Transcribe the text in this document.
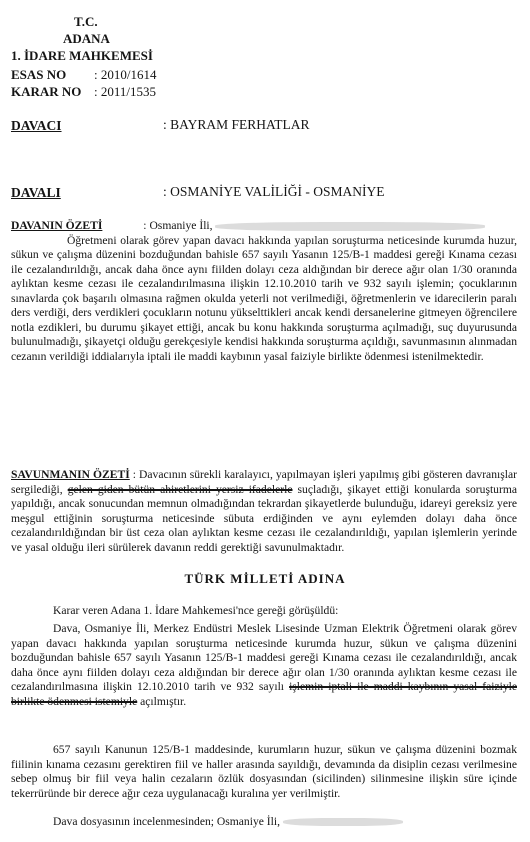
T.C.
ADANA
1. İDARE MAHKEMESİ
ESAS NO : 2010/1614
KARAR NO : 2011/1535
DAVACI	: BAYRAM FERHATLAR
DAVALI	: OSMANİYE VALİLİĞİ - OSMANİYE

DAVANIN ÖZETİ	: Osmaniye İli,
Öğretmeni olarak görev yapan davacı hakkında yapılan soruşturma neticesinde kurumda huzur, sükun ve çalışma düzenini bozduğundan bahisle 657 sayılı Yasanın 125/B-1 maddesi gereği Kınama cezası ile cezalandırıldığı, ancak daha önce aynı fiilden dolayı ceza aldığından bir derece ağır olan 1/30 oranında aylıktan kesme cezası ile cezalandırılmasına ilişkin 12.10.2010 tarih ve 932 sayılı işlemin; çocuklarının sınavlarda çok başarılı olmasına rağmen okulda yeterli not verilmediği, öğretmenlerin ve idarecilerin paralı ders verdiği, ders verdikleri çocukların notunu yükselttikleri ancak kendi dersanelerine gitmeyen öğrencilere notla ezdikleri, bu durumu şikayet ettiği, ancak bu konu hakkında soruşturma açılmadığı, suç duyurusunda bulunulmadığı, şikayetçi olduğu gerekçesiyle kendisi hakkında soruşturma açıldığı, savunmasının alınmadan cezanın verildiği iddialarıyla iptali ile maddi kaybının yasal faiziyle birlikte ödenmesi istenilmektedir.

SAVUNMANIN ÖZETİ : Davacının sürekli karalayıcı, yapılmayan işleri yapılmış gibi gösteren davranışlar sergilediği, gelen giden bütün ahiretlerini yersiz ifadelerle suçladığı, şikayet ettiği konularda soruşturma yapıldığı, ancak sonucundan memnun olmadığından tekrardan şikayetlerde bulunduğu, idareyi gereksiz yere meşgul ettiğinin soruşturma neticesinde sübuta erdiğinden ve aynı eylemden dolayı daha önce cezalandırıldığından bir üst ceza olan aylıktan kesme cezası ile cezalandırıldığı, yapılan işlemlerin yerinde ve yasal olduğu ileri sürülerek davanın reddi gerektiği savunulmaktadır.

TÜRK MİLLETİ ADINA

Karar veren Adana 1. İdare Mahkemesi'nce gereği görüşüldü:

Dava, Osmaniye İli, Merkez Endüstri Meslek Lisesinde Uzman Elektrik Öğretmeni olarak görev yapan davacı hakkında yapılan soruşturma neticesinde kurumda huzur, sükun ve çalışma düzenini bozduğundan bahisle 657 sayılı Yasanın 125/B-1 maddesi gereği Kınama cezası ile cezalandırıldığı, ancak daha önce aynı fiilden dolayı ceza aldığından bir derece ağır olan 1/30 oranında aylıktan kesme cezası ile cezalandırılmasına ilişkin 12.10.2010 tarih ve 932 sayılı işlemin iptali ile maddi kaybının yasal faiziyle birlikte ödenmesi istemiyle açılmıştır.

657 sayılı Kanunun 125/B-1 maddesinde, kurumların huzur, sükun ve çalışma düzenini bozmak fiilinin kınama cezasını gerektiren fiil ve haller arasında sayıldığı, devamında da disiplin cezası verilmesine sebep olmuş bir fiil veya halin cezaların özlük dosyasından (sicilinden) silinmesine ilişkin süre içinde tekerrüründe bir derece ağır ceza uygulanacağı kuralına yer verilmiştir.

Dava dosyasının incelenmesinden; Osmaniye İli,
